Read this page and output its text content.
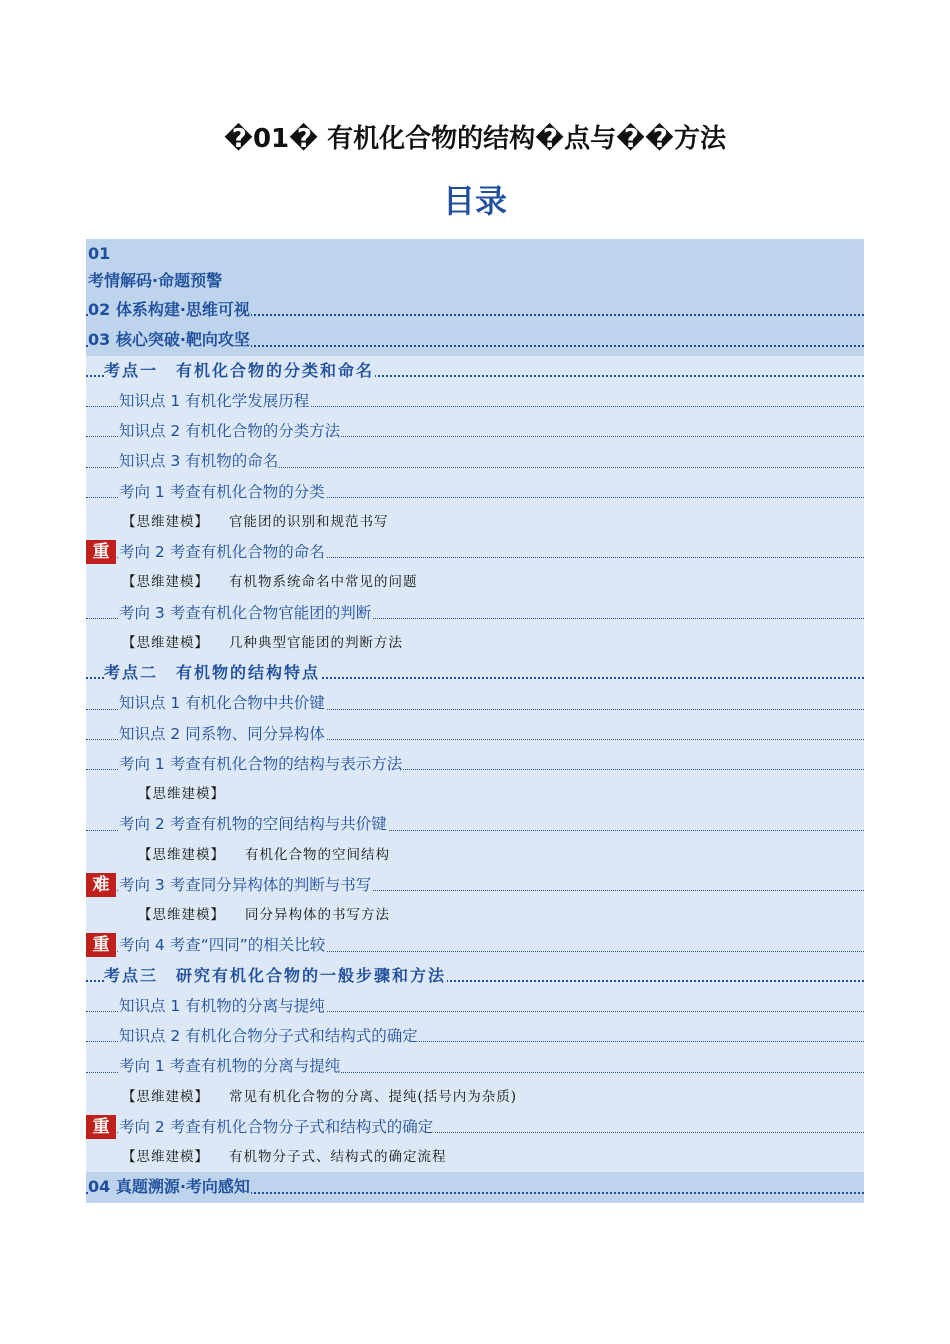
�01� 有机化合物的结构�点与��方法
目录
01
考情解码·命题预警
02 体系构建·思维可视
03 核心突破·靶向攻坚
考点一　有机化合物的分类和命名
知识点 1 有机化学发展历程
知识点 2 有机化合物的分类方法
知识点 3 有机物的命名
考向 1 考查有机化合物的分类
【思维建模】 官能团的识别和规范书写
重 考向 2 考查有机化合物的命名
【思维建模】 有机物系统命名中常见的问题
考向 3 考查有机化合物官能团的判断
【思维建模】 几种典型官能团的判断方法
考点二　有机物的结构特点
知识点 1 有机化合物中共价键
知识点 2 同系物、同分异构体
考向 1 考查有机化合物的结构与表示方法
【思维建模】
考向 2 考查有机物的空间结构与共价键
【思维建模】 有机化合物的空间结构
难 考向 3 考查同分异构体的判断与书写
【思维建模】 同分异构体的书写方法
重 考向 4 考查“四同”的相关比较
考点三　研究有机化合物的一般步骤和方法
知识点 1 有机物的分离与提纯
知识点 2 有机化合物分子式和结构式的确定
考向 1 考查有机物的分离与提纯
【思维建模】 常见有机化合物的分离、提纯(括号内为杂质)
重 考向 2 考查有机化合物分子式和结构式的确定
【思维建模】 有机物分子式、结构式的确定流程
04 真题溯源·考向感知
